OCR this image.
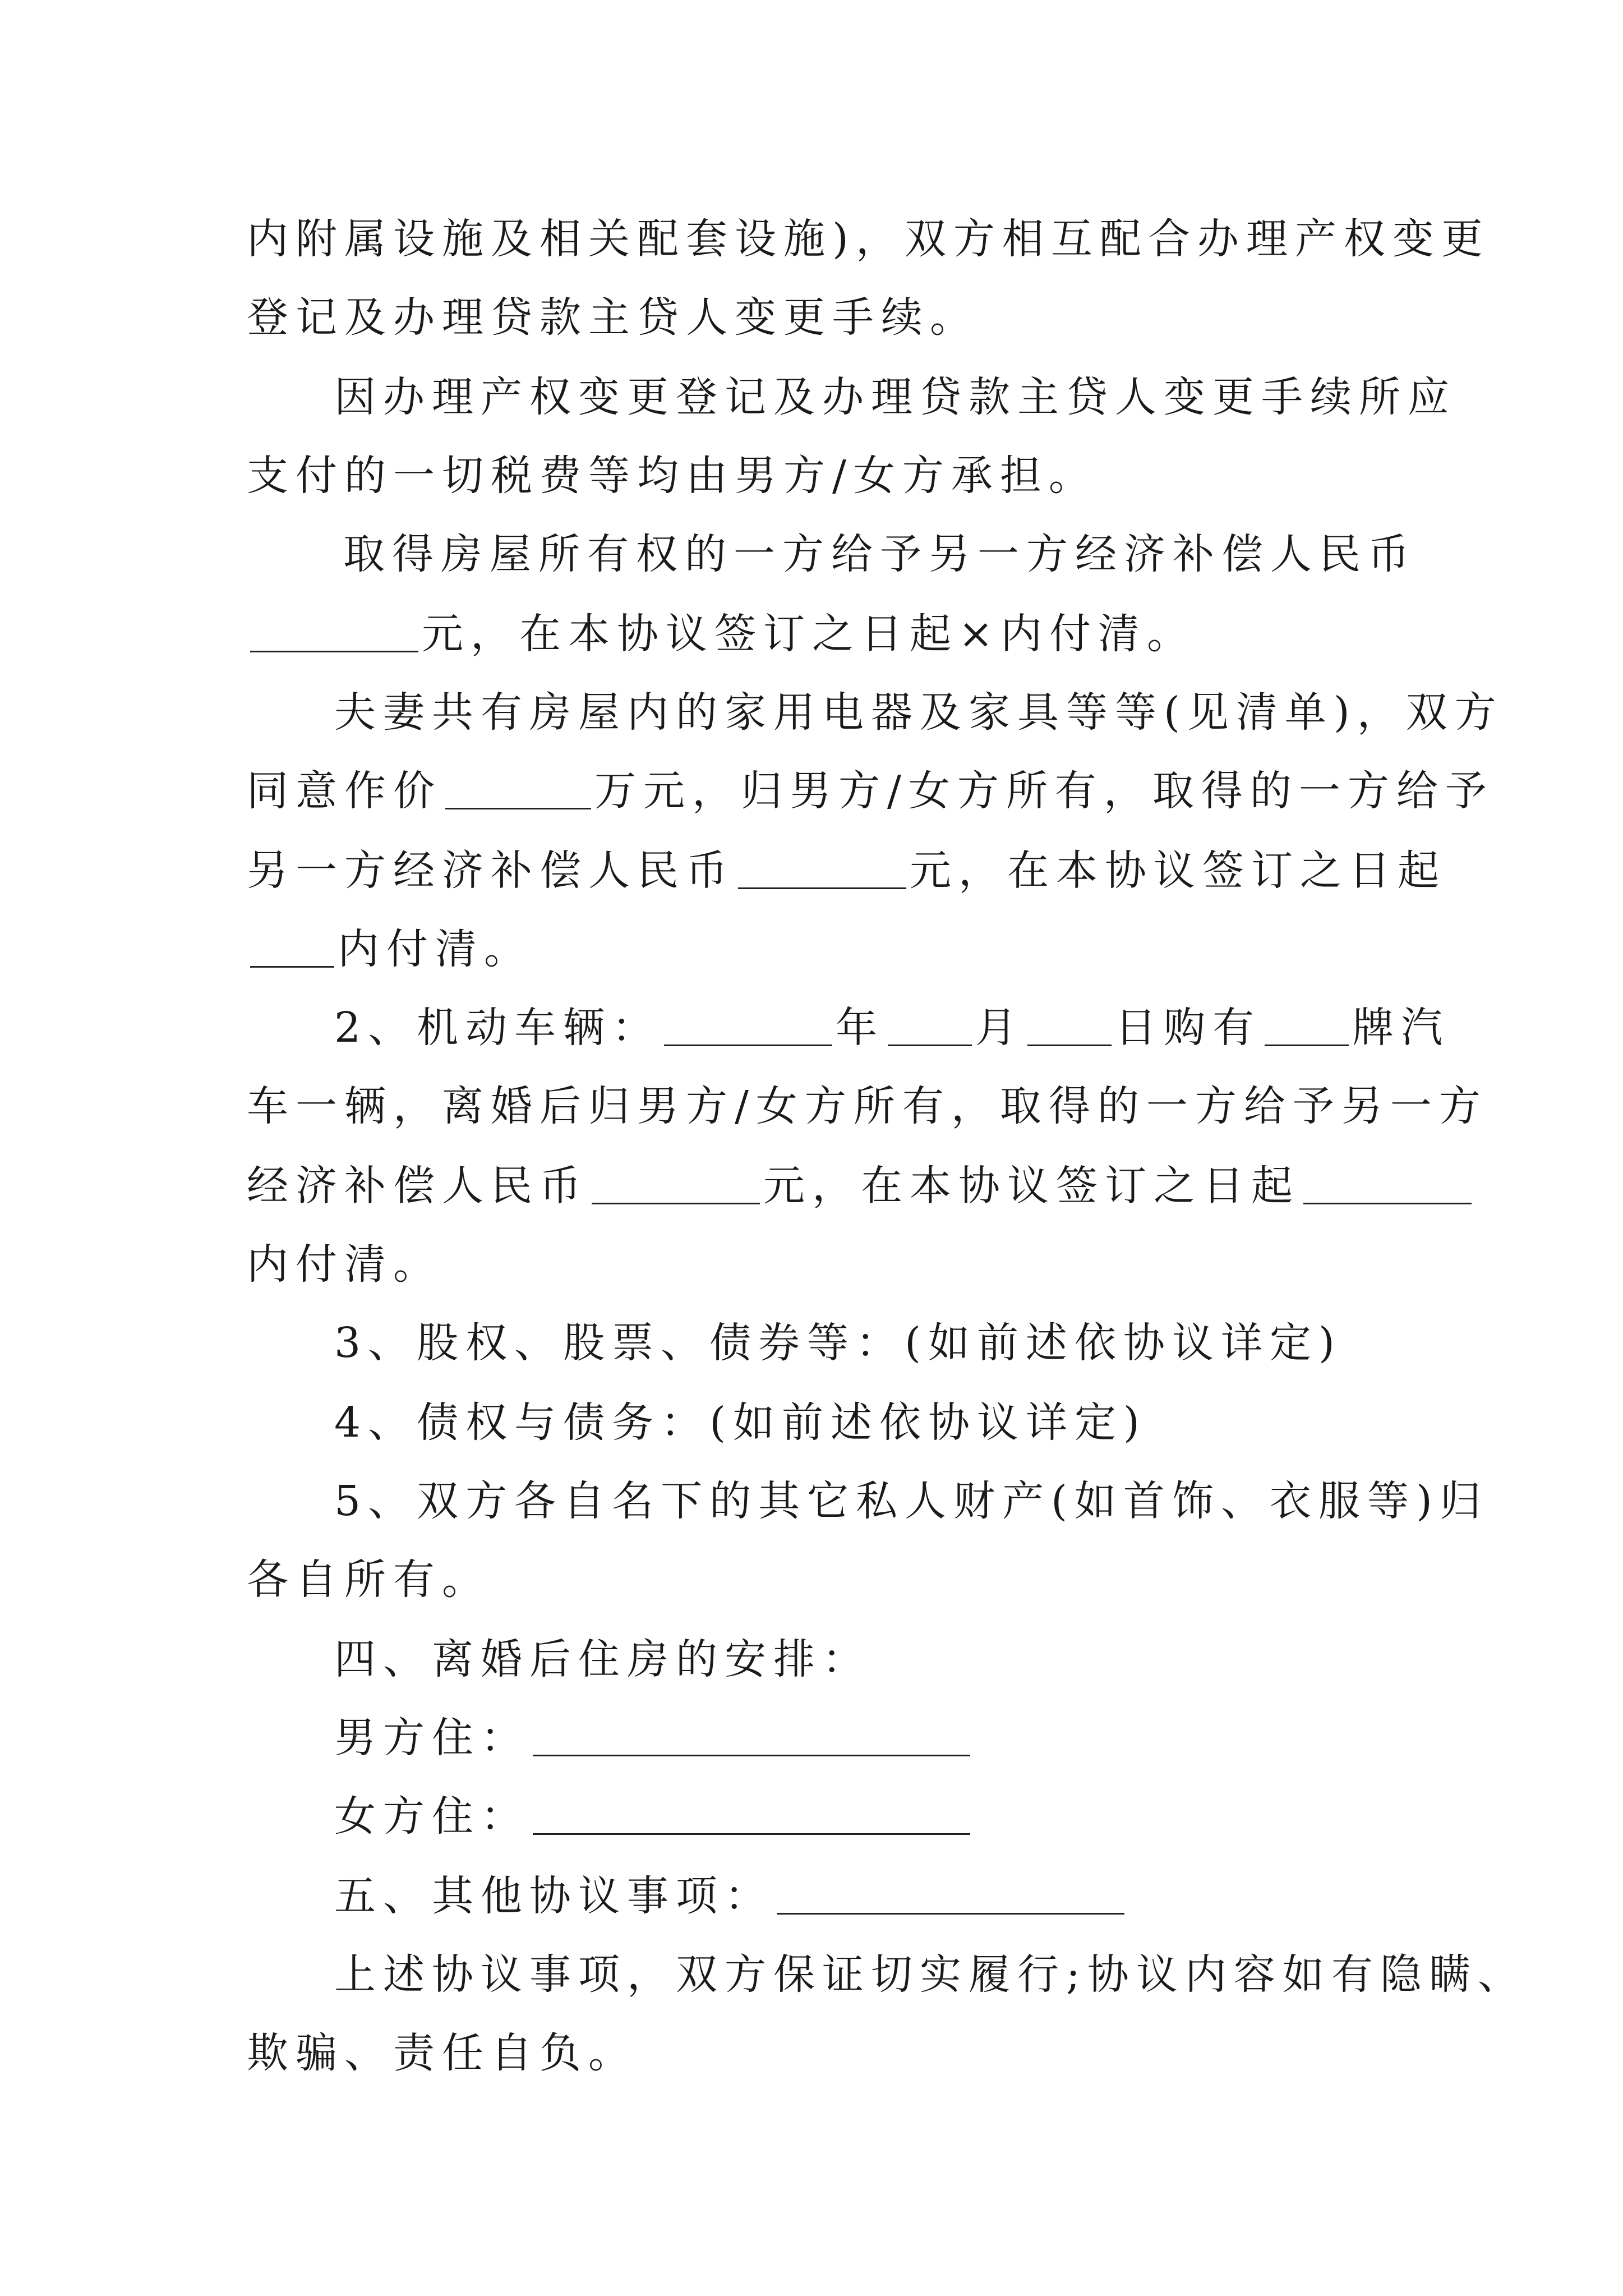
内附属设施及相关配套设施)，双方相互配合办理产权变更
登记及办理贷款主贷人变更手续。
因办理产权变更登记及办理贷款主贷人变更手续所应
支付的一切税费等均由男方/女方承担。
取得房屋所有权的一方给予另一方经济补偿人民币
元，在本协议签订之日起×内付清。
夫妻共有房屋内的家用电器及家具等等(见清单)，双方
同意作价	万元，归男方/女方所有，取得的一方给予
另一方经济补偿人民币	元，在本协议签订之日起
内付清。
2、机动车辆：	年 月 日购有 牌汽
车一辆，离婚后归男方/女方所有，取得的一方给予另一方
经济补偿人民币	元，在本协议签订之日起
内付清。
3、股权、股票、债券等：(如前述依协议详定)
4、债权与债务：(如前述依协议详定)
5、双方各自名下的其它私人财产(如首饰、衣服等)归
各自所有。
四、离婚后住房的安排：
男方住：
女方住：
五、其他协议事项：
上述协议事项，双方保证切实履行;协议内容如有隐瞒、
欺骗、责任自负。
